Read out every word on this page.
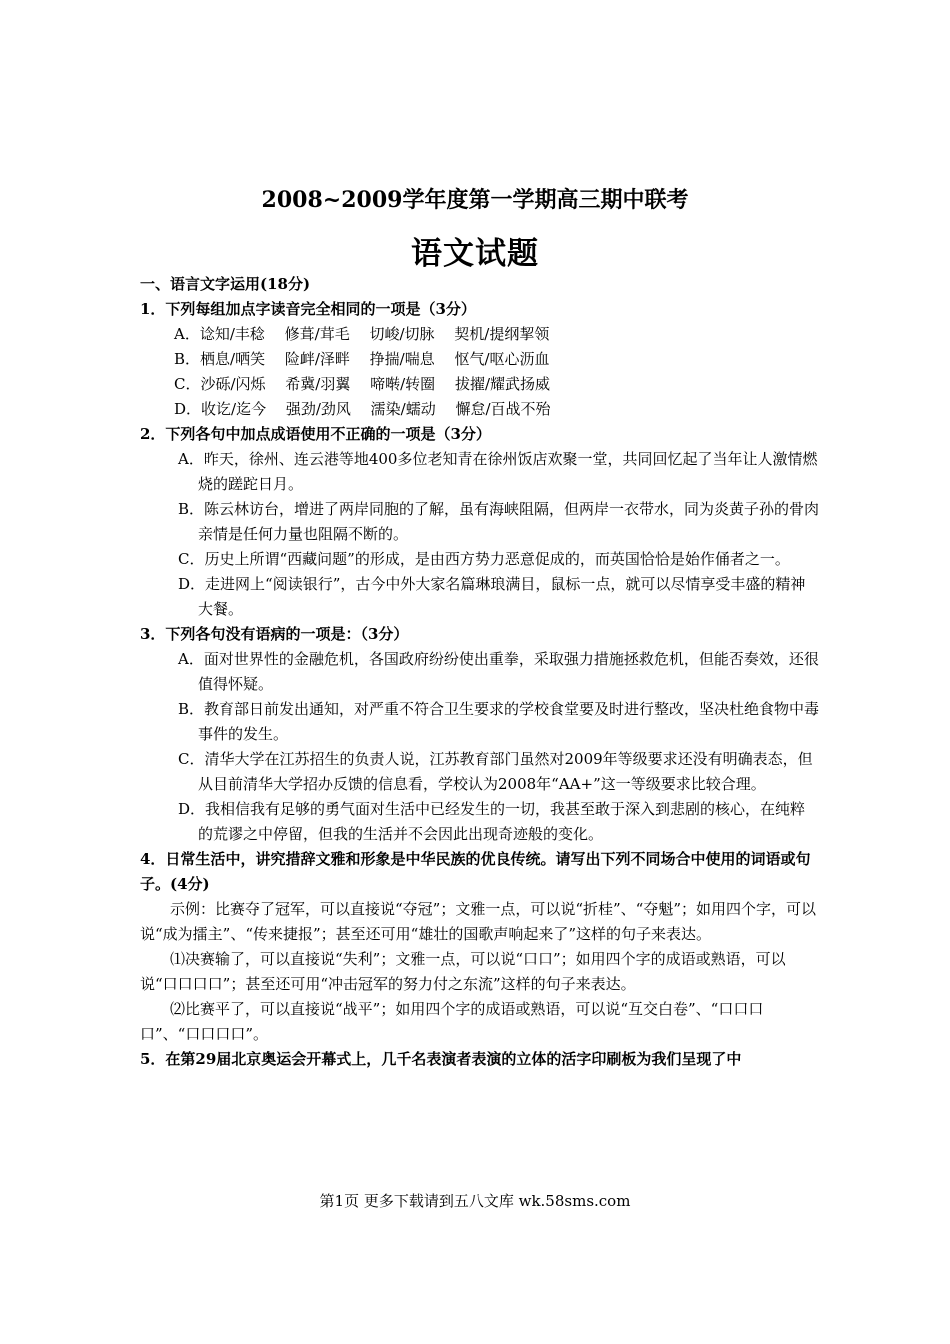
2008~2009学年度第一学期高三期中联考
语文试题

一、语言文字运用(18分)

1．下列每组加点字读音完全相同的一项是（3分）

A．谂知/丰稔　 修葺/茸毛　 切峻/切脉　 契机/提纲挈领

B．栖息/哂笑　 险衅/泽畔　 挣揣/喘息　 怄气/呕心沥血

C．沙砾/闪烁　 希冀/羽翼　 啼啭/转圈　 拔擢/耀武扬威

D．收讫/迄今　 强劲/劲风　 濡染/蠕动　 懈怠/百战不殆

2．下列各句中加点成语使用不正确的一项是（3分）

A．昨天，徐州、连云港等地400多位老知青在徐州饭店欢聚一堂，共同回忆起了当年让人激情燃烧的蹉跎日月。

B．陈云林访台，增进了两岸同胞的了解，虽有海峡阻隔，但两岸一衣带水，同为炎黄子孙的骨肉亲情是任何力量也阻隔不断的。

C．历史上所谓“西藏问题”的形成，是由西方势力恶意促成的，而英国恰恰是始作俑者之一。

D．走进网上“阅读银行”，古今中外大家名篇琳琅满目，鼠标一点，就可以尽情享受丰盛的精神大餐。

3．下列各句没有语病的一项是：（3分）

A．面对世界性的金融危机，各国政府纷纷使出重拳，采取强力措施拯救危机，但能否奏效，还很值得怀疑。

B．教育部日前发出通知，对严重不符合卫生要求的学校食堂要及时进行整改，坚决杜绝食物中毒事件的发生。

C．清华大学在江苏招生的负责人说，江苏教育部门虽然对2009年等级要求还没有明确表态，但从目前清华大学招办反馈的信息看，学校认为2008年“AA+”这一等级要求比较合理。

D．我相信我有足够的勇气面对生活中已经发生的一切，我甚至敢于深入到悲剧的核心，在纯粹的荒谬之中停留，但我的生活并不会因此出现奇迹般的变化。

4．日常生活中，讲究措辞文雅和形象是中华民族的优良传统。请写出下列不同场合中使用的词语或句子。(4分)

示例：比赛夺了冠军，可以直接说“夺冠”；文雅一点，可以说“折桂”、“夺魁”；如用四个字，可以说“成为擂主”、“传来捷报”；甚至还可用“雄壮的国歌声响起来了”这样的句子来表达。

⑴决赛输了，可以直接说“失利”；文雅一点，可以说“口口”；如用四个字的成语或熟语，可以说“口口口口”；甚至还可用“冲击冠军的努力付之东流”这样的句子来表达。

⑵比赛平了，可以直接说“战平”；如用四个字的成语或熟语，可以说“互交白卷”、“口口口口”、“口口口口”。

5．在第29届北京奥运会开幕式上，几千名表演者表演的立体的活字印刷板为我们呈现了中

第1页 更多下载请到五八文库 wk.58sms.com
